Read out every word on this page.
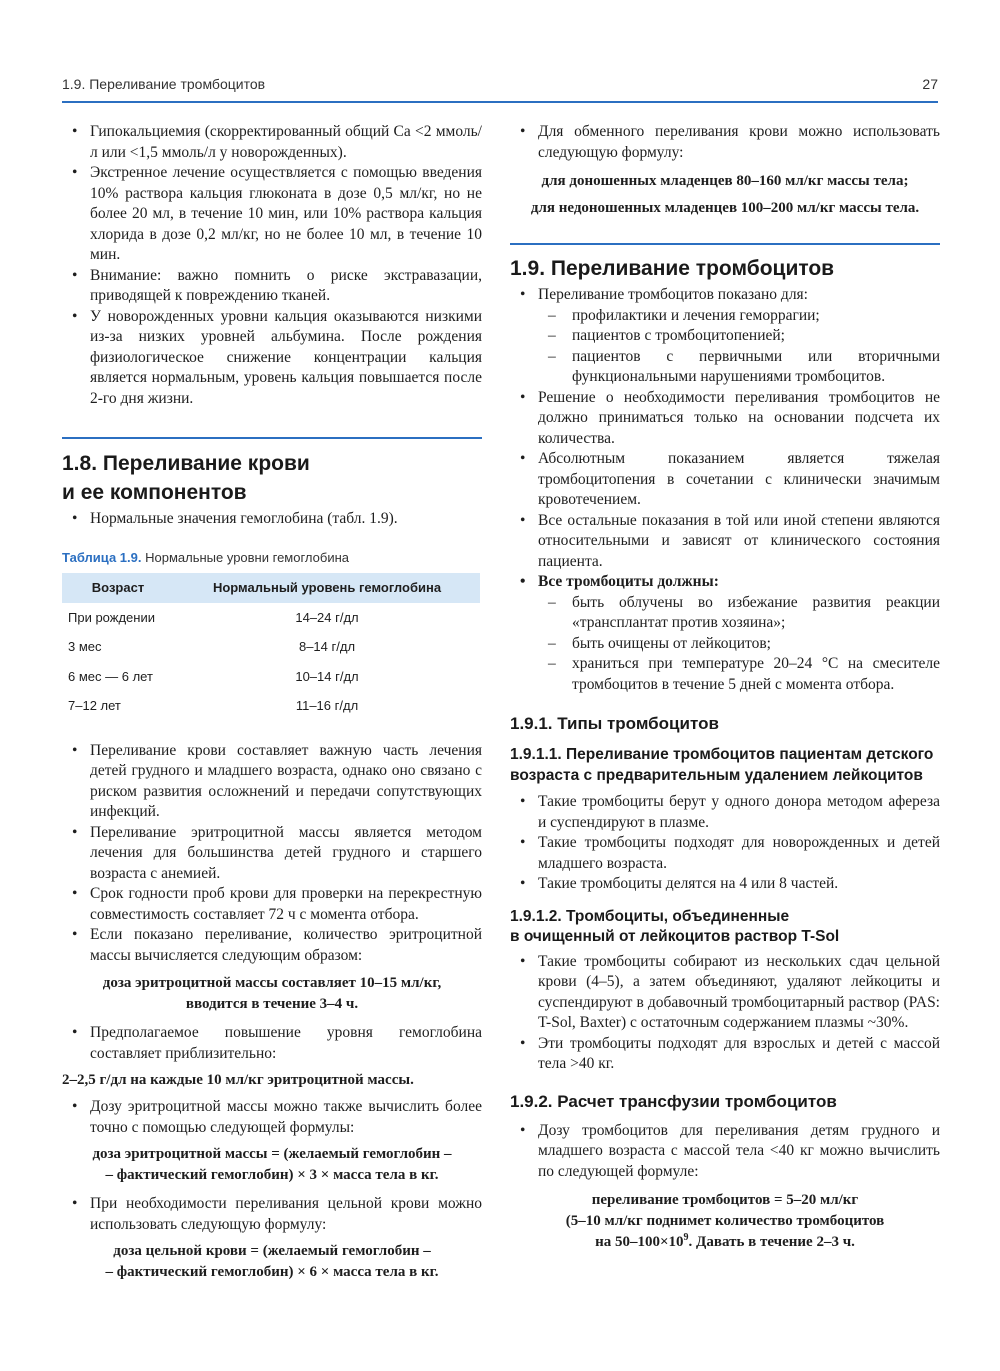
1.9. Переливание тромбоцитов	27
• Гипокальциемия (скорректированный общий Са <2 ммоль/л или <1,5 ммоль/л у новорожденных).
• Экстренное лечение осуществляется с помощью введения 10% раствора кальция глюконата в дозе 0,5 мл/кг, но не более 20 мл, в течение 10 мин, или 10% раствора кальция хлорида в дозе 0,2 мл/кг, но не более 10 мл, в течение 10 мин.
• Внимание: важно помнить о риске экстравазации, приводящей к повреждению тканей.
• У новорожденных уровни кальция оказываются низкими из-за низких уровней альбумина. После рождения физиологическое снижение концентрации кальция является нормальным, уровень кальция повышается после 2-го дня жизни.
1.8. Переливание крови
и ее компонентов
• Нормальные значения гемоглобина (табл. 1.9).
Таблица 1.9. Нормальные уровни гемоглобина
Возраст	Нормальный уровень гемоглобина
При рождении	14–24 г/дл
3 мес	8–14 г/дл
6 мес — 6 лет	10–14 г/дл
7–12 лет	11–16 г/дл
• Переливание крови составляет важную часть лечения детей грудного и младшего возраста, однако оно связано с риском развития осложнений и передачи сопутствующих инфекций.
• Переливание эритроцитной массы является методом лечения для большинства детей грудного и старшего возраста с анемией.
• Срок годности проб крови для проверки на перекрестную совместимость составляет 72 ч с момента отбора.
• Если показано переливание, количество эритроцитной массы вычисляется следующим образом:
доза эритроцитной массы составляет 10–15 мл/кг,
вводится в течение 3–4 ч.
• Предполагаемое повышение уровня гемоглобина составляет приблизительно:
2–2,5 г/дл на каждые 10 мл/кг эритроцитной массы.
• Дозу эритроцитной массы можно также вычислить более точно с помощью следующей формулы:
доза эритроцитной массы = (желаемый гемоглобин –
– фактический гемоглобин) × 3 × масса тела в кг.
• При необходимости переливания цельной крови можно использовать следующую формулу:
доза цельной крови = (желаемый гемоглобин –
– фактический гемоглобин) × 6 × масса тела в кг.
• Для обменного переливания крови можно использовать следующую формулу:
для доношенных младенцев 80–160 мл/кг массы тела;
для недоношенных младенцев 100–200 мл/кг массы тела.
1.9. Переливание тромбоцитов
• Переливание тромбоцитов показано для:
– профилактики и лечения геморрагии;
– пациентов с тромбоцитопенией;
– пациентов с первичными или вторичными функциональными нарушениями тромбоцитов.
• Решение о необходимости переливания тромбоцитов не должно приниматься только на основании подсчета их количества.
• Абсолютным показанием является тяжелая тромбоцитопения в сочетании с клинически значимым кровотечением.
• Все остальные показания в той или иной степени являются относительными и зависят от клинического состояния пациента.
• Все тромбоциты должны:
– быть облучены во избежание развития реакции «трансплантат против хозяина»;
– быть очищены от лейкоцитов;
– храниться при температуре 20–24 °C на смесителе тромбоцитов в течение 5 дней с момента отбора.
1.9.1. Типы тромбоцитов
1.9.1.1. Переливание тромбоцитов пациентам детского возраста с предварительным удалением лейкоцитов
• Такие тромбоциты берут у одного донора методом афереза и суспендируют в плазме.
• Такие тромбоциты подходят для новорожденных и детей младшего возраста.
• Такие тромбоциты делятся на 4 или 8 частей.
1.9.1.2. Тромбоциты, объединенные
в очищенный от лейкоцитов раствор T-Sol
• Такие тромбоциты собирают из нескольких сдач цельной крови (4–5), а затем объединяют, удаляют лейкоциты и суспендируют в добавочный тромбоцитарный раствор (PAS: T-Sol, Baxter) с остаточным содержанием плазмы ~30%.
• Эти тромбоциты подходят для взрослых и детей с массой тела >40 кг.
1.9.2. Расчет трансфузии тромбоцитов
• Дозу тромбоцитов для переливания детям грудного и младшего возраста с массой тела <40 кг можно вычислить по следующей формуле:
переливание тромбоцитов = 5–20 мл/кг
(5–10 мл/кг поднимет количество тромбоцитов
на $50-100\times 10^9$. Давать в течение 2–3 ч.
